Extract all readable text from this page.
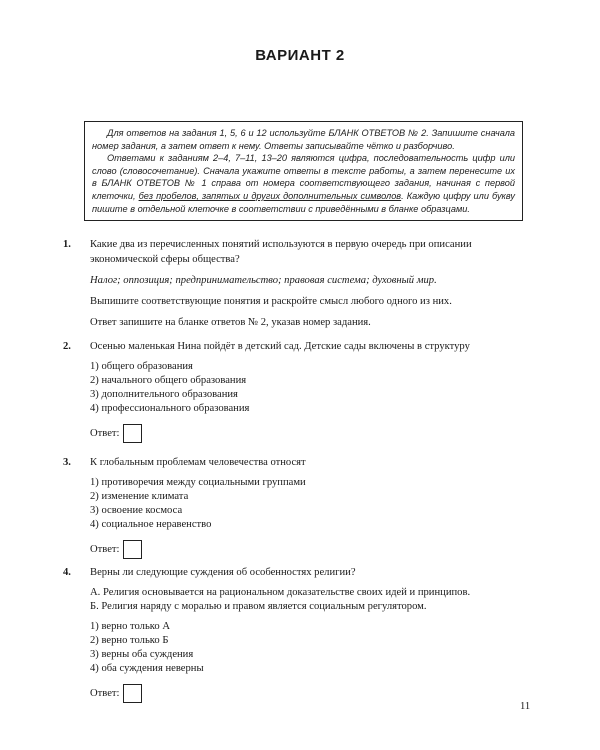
ВАРИАНТ 2

Для ответов на задания 1, 5, 6 и 12 используйте БЛАНК ОТВЕТОВ № 2. Запишите сначала номер задания, а затем ответ к нему. Ответы записывайте чётко и разборчиво.

Ответами к заданиям 2–4, 7–11, 13–20 являются цифра, последовательность цифр или слово (словосочетание). Сначала укажите ответы в тексте работы, а затем перенесите их в БЛАНК ОТВЕТОВ № 1 справа от номера соответствующего задания, начиная с первой клеточки, без пробелов, запятых и других дополнительных символов. Каждую цифру или букву пишите в отдельной клеточке в соответствии с приведёнными в бланке образцами.

1. Какие два из перечисленных понятий используются в первую очередь при описании экономической сферы общества?

Налог; оппозиция; предпринимательство; правовая система; духовный мир.

Выпишите соответствующие понятия и раскройте смысл любого одного из них.

Ответ запишите на бланке ответов № 2, указав номер задания.

2. Осенью маленькая Нина пойдёт в детский сад. Детские сады включены в структуру

1) общего образования
2) начального общего образования
3) дополнительного образования
4) профессионального образования
Ответ:
3. К глобальным проблемам человечества относят

1) противоречия между социальными группами
2) изменение климата
3) освоение космоса
4) социальное неравенство
Ответ:
4. Верны ли следующие суждения об особенностях религии?

А. Религия основывается на рациональном доказательстве своих идей и принципов.
Б. Религия наряду с моралью и правом является социальным регулятором.
1) верно только А
2) верно только Б
3) верны оба суждения
4) оба суждения неверны
Ответ:
11
